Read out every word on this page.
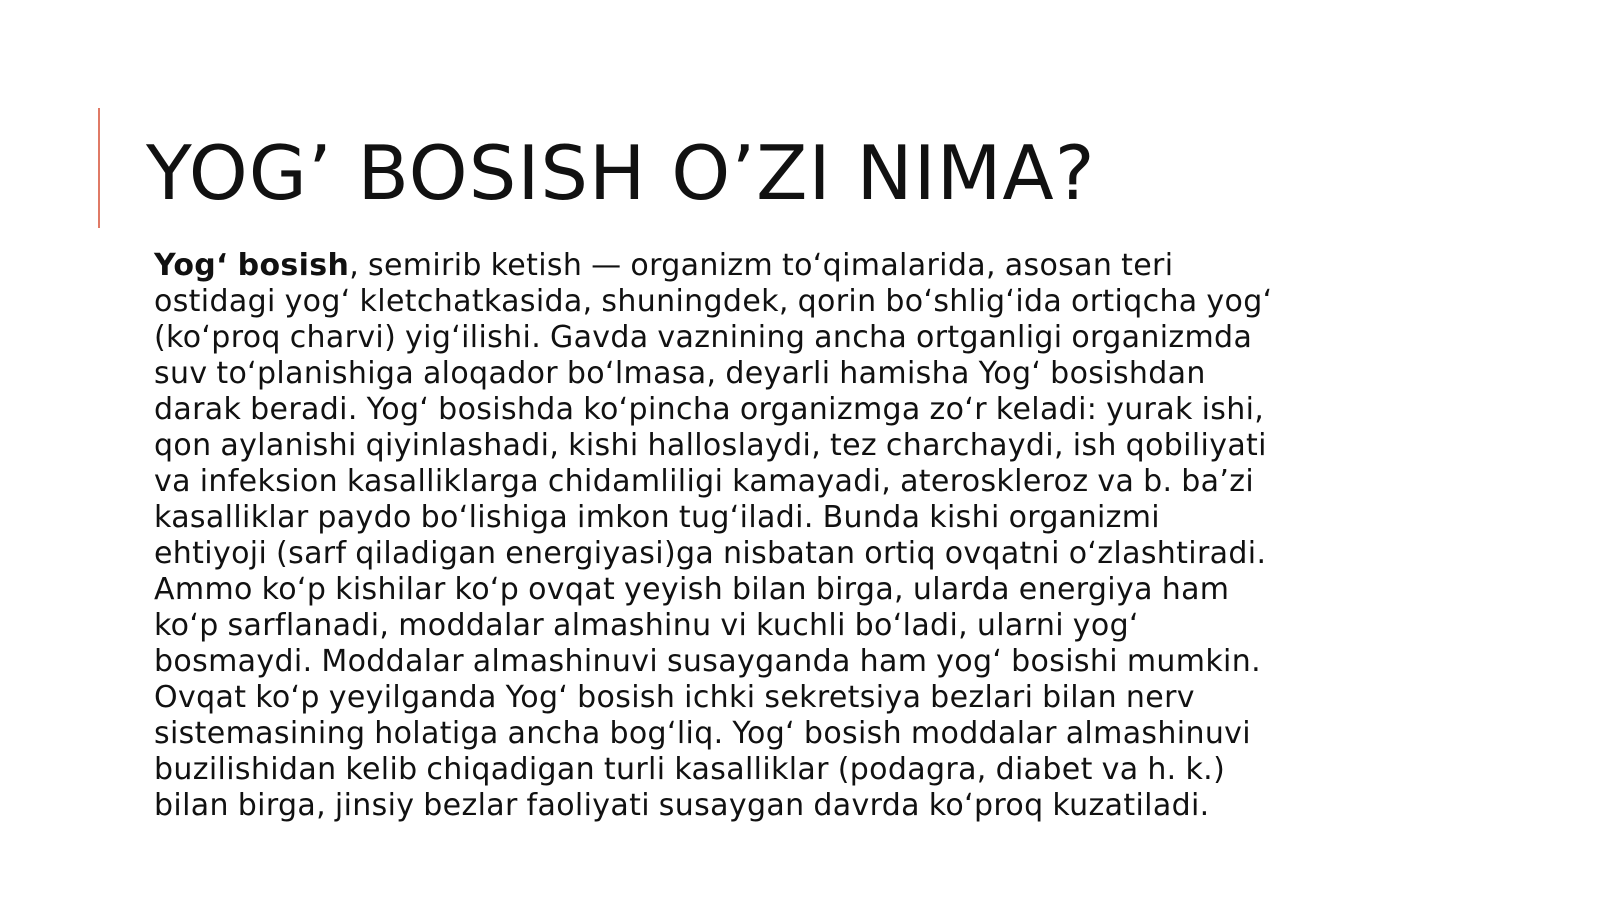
YOG’ BOSISH O’ZI NIMA?
Yogʻ bosish, semirib ketish — organizm toʻqimalarida, asosan teri
ostidagi yogʻ kletchatkasida, shuningdek, qorin boʻshligʻida ortiqcha yogʻ
(koʻproq charvi) yigʻilishi. Gavda vaznining ancha ortganligi organizmda
suv toʻplanishiga aloqador boʻlmasa, deyarli hamisha Yogʻ bosishdan
darak beradi. Yogʻ bosishda koʻpincha organizmga zoʻr keladi: yurak ishi,
qon aylanishi qiyinlashadi, kishi halloslaydi, tez charchaydi, ish qobiliyati
va infeksion kasalliklarga chidamliligi kamayadi, ateroskleroz va b. baʼzi
kasalliklar paydo boʻlishiga imkon tugʻiladi. Bunda kishi organizmi
ehtiyoji (sarf qiladigan energiyasi)ga nisbatan ortiq ovqatni oʻzlashtiradi.
Ammo koʻp kishilar koʻp ovqat yeyish bilan birga, ularda energiya ham
koʻp sarflanadi, moddalar almashinu vi kuchli boʻladi, ularni yogʻ
bosmaydi. Moddalar almashinuvi susayganda ham yogʻ bosishi mumkin.
Ovqat koʻp yeyilganda Yogʻ bosish ichki sekretsiya bezlari bilan nerv
sistemasining holatiga ancha bogʻliq. Yogʻ bosish moddalar almashinuvi
buzilishidan kelib chiqadigan turli kasalliklar (podagra, diabet va h. k.)
bilan birga, jinsiy bezlar faoliyati susaygan davrda koʻproq kuzatiladi.
